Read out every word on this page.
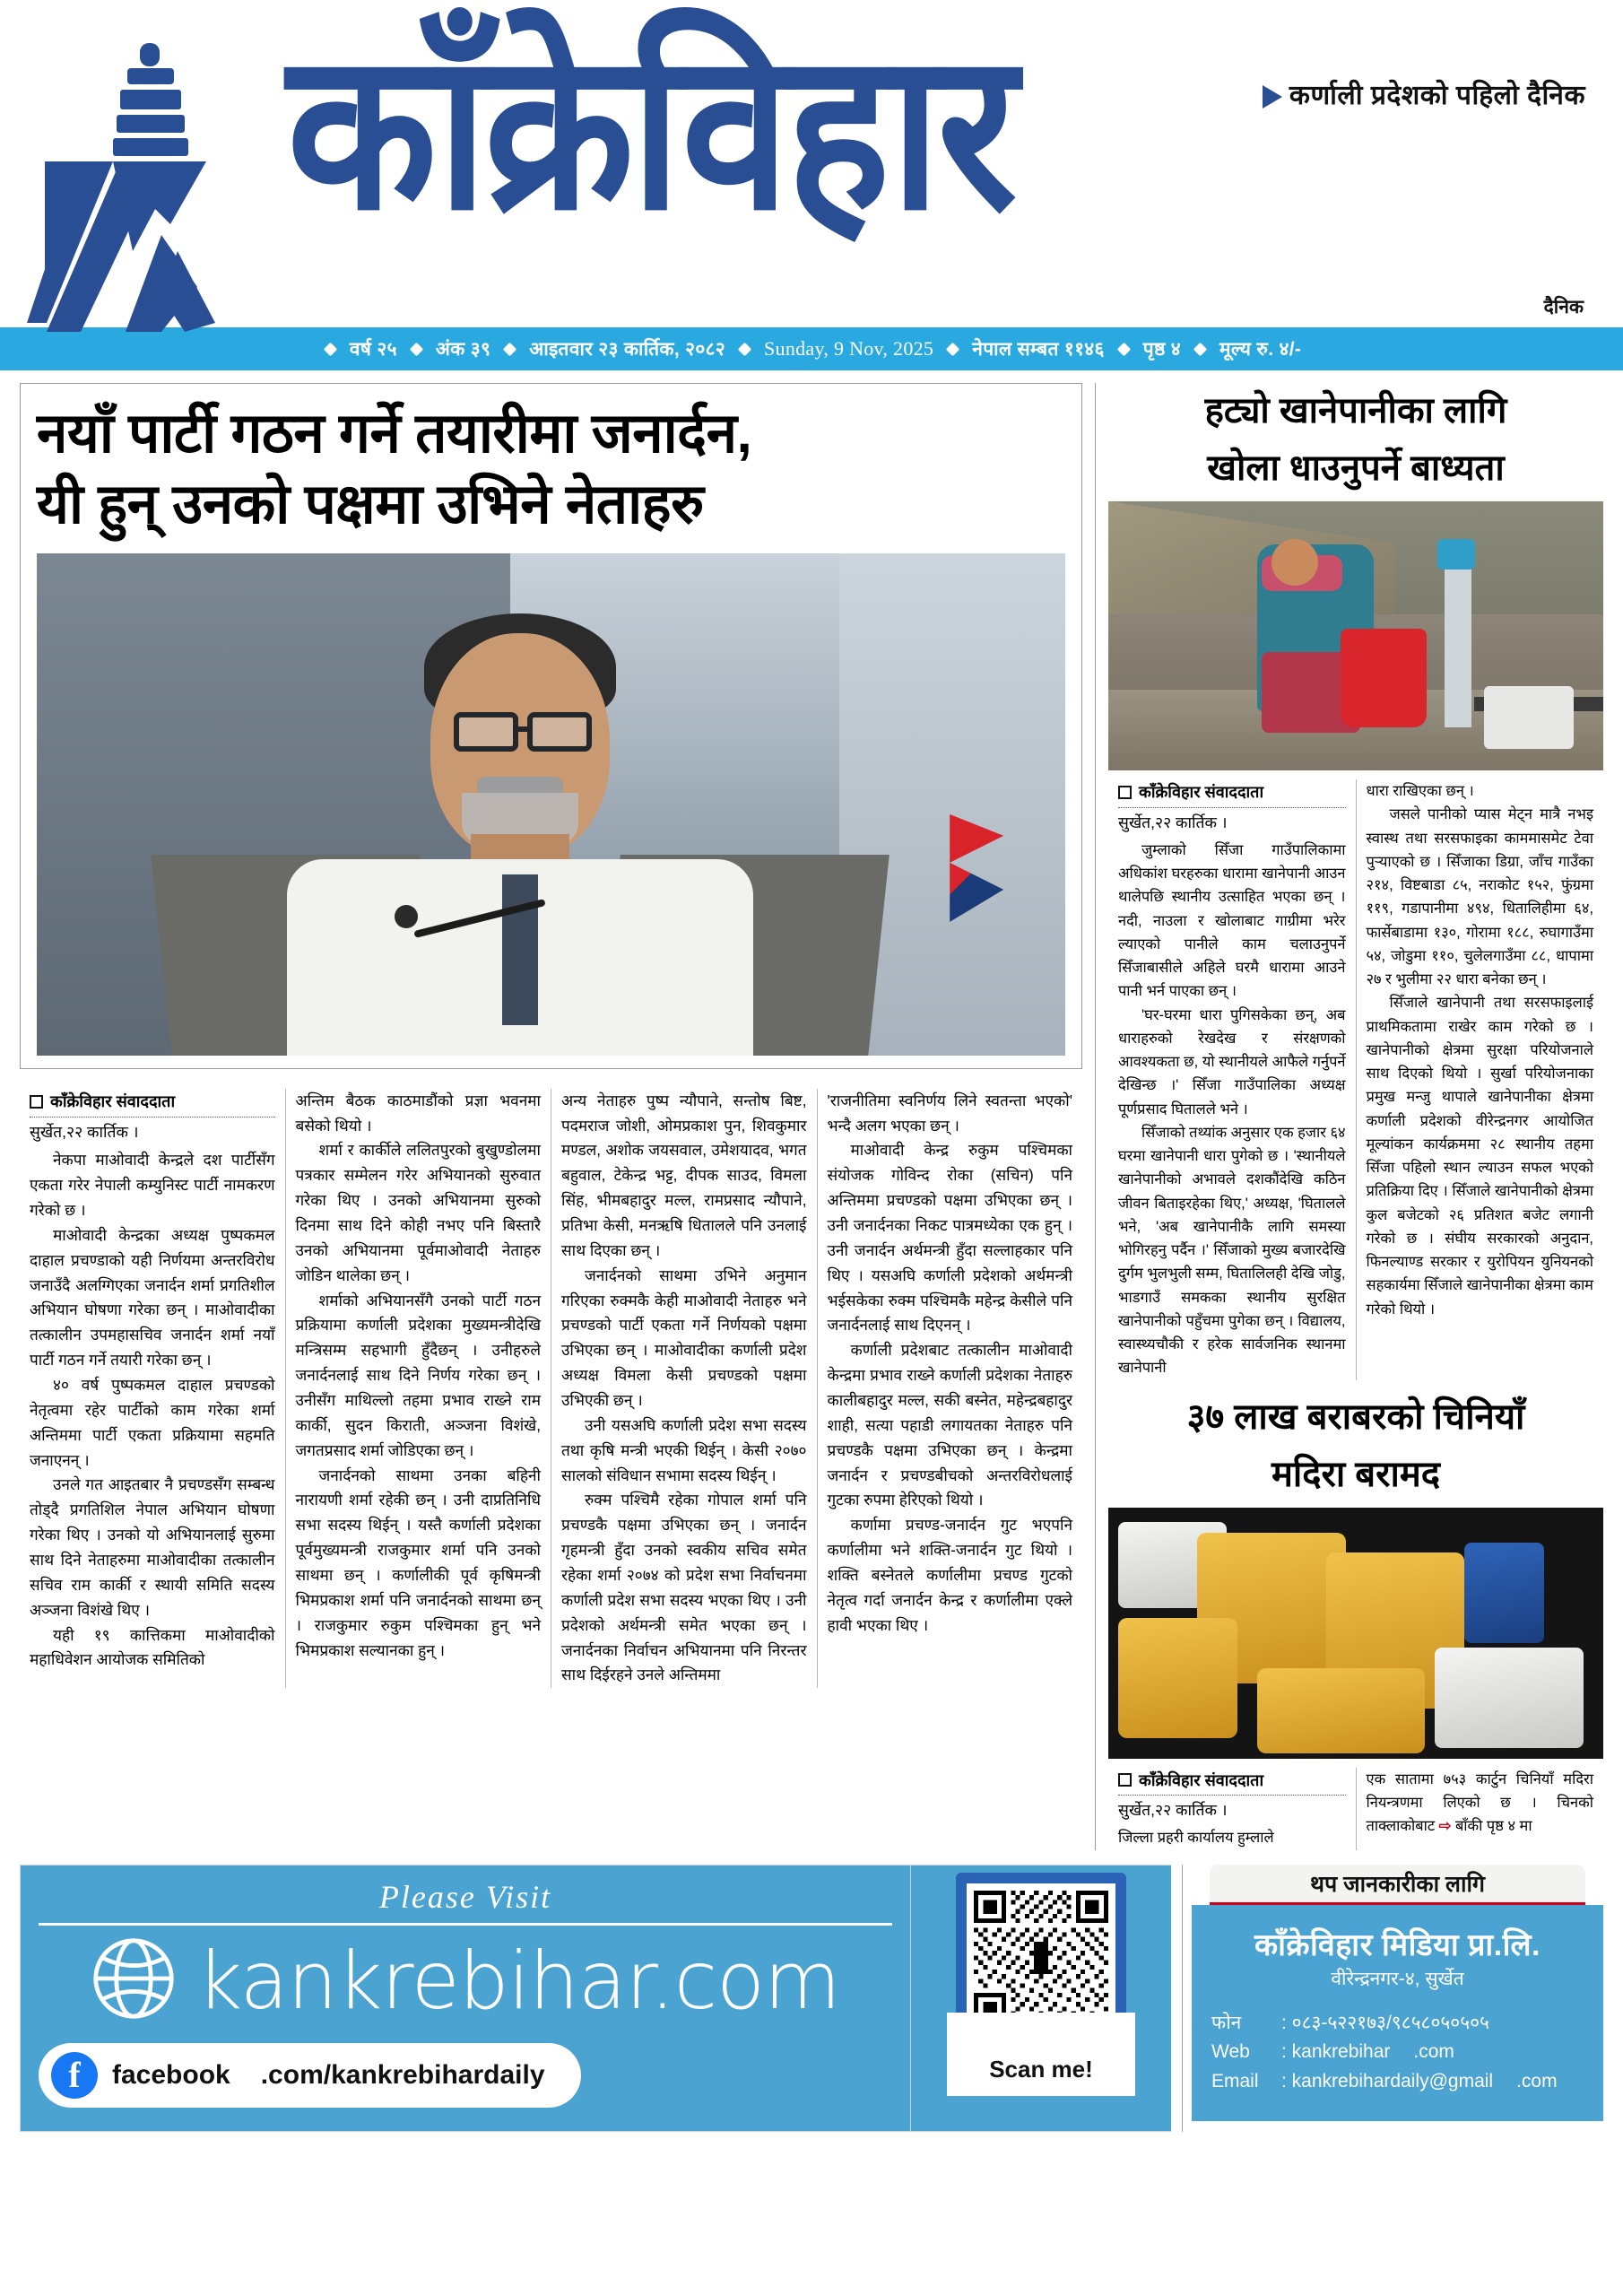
काँक्रेविहार	कर्णाली प्रदेशको पहिलो दैनिक
दैनिक
वर्ष २५ अंक ३९ आइतवार २३ कार्तिक, २०८२ Sunday, 9 Nov, 2025 नेपाल सम्बत ११४६ पृष्ठ ४ मूल्य रु. ४/-
नयाँ पार्टी गठन गर्ने तयारीमा जनार्दन,
यी हुन् उनको पक्षमा उभिने नेताहरु
काँक्रेविहार संवाददाता
सुर्खेत,२२ कार्तिक ।

नेकपा माओवादी केन्द्रले दश पार्टीसँग एकता गरेर नेपाली कम्युनिस्ट पार्टी नामकरण गरेको छ ।

माओवादी केन्द्रका अध्यक्ष पुष्पकमल दाहाल प्रचण्डाको यही निर्णयमा अन्तरविरोध जनाउँदै अलग्गिएका जनार्दन शर्मा प्रगतिशील अभियान घोषणा गरेका छन् । माओवादीका तत्कालीन उपमहासचिव जनार्दन शर्मा नयाँ पार्टी गठन गर्ने तयारी गरेका छन् ।

४० वर्ष पुष्पकमल दाहाल प्रचण्डको नेतृत्वमा रहेर पार्टीको काम गरेका शर्मा अन्तिममा पार्टी एकता प्रक्रियामा सहमति जनाएनन् ।

उनले गत आइतबार नै प्रचण्डसँग सम्बन्ध तोड्दै प्रगतिशिल नेपाल अभियान घोषणा गरेका थिए । उनको यो अभियानलाई सुरुमा साथ दिने नेताहरुमा माओवादीका तत्कालीन सचिव राम कार्की र स्थायी समिति सदस्य अञ्जना विशंखे थिए ।

यही १९ कात्तिकमा माओवादीको महाधिवेशन आयोजक समितिको

अन्तिम बैठक काठमाडौंको प्रज्ञा भवनमा बसेको थियो ।

शर्मा र कार्कीले ललितपुरको बुखुण्डोलमा पत्रकार सम्मेलन गरेर अभियानको सुरुवात गरेका थिए । उनको अभियानमा सुरुको दिनमा साथ दिने कोही नभए पनि बिस्तारै उनको अभियानमा पूर्वमाओवादी नेताहरु जोडिन थालेका छन् ।

शर्माको अभियानसँगै उनको पार्टी गठन प्रक्रियामा कर्णाली प्रदेशका मुख्यमन्त्रीदेखि मन्त्रिसम्म सहभागी हुँदैछन् । उनीहरुले जनार्दनलाई साथ दिने निर्णय गरेका छन् । उनीसँग माथिल्लो तहमा प्रभाव राख्ने राम कार्की, सुदन किरातीे, अञ्जना विशंखे, जगतप्रसाद शर्मा जोडिएका छन् ।

जनार्दनको साथमा उनका बहिनी नारायणी शर्मा रहेकी छन् । उनी दाप्रतिनिधि सभा सदस्य थिईन् । यस्तै कर्णाली प्रदेशका पूर्वमुख्यमन्त्री राजकुमार शर्मा पनि उनको साथमा छन् । कर्णालीकी पूर्व कृषिमन्त्री भिमप्रकाश शर्मा पनि जनार्दनको साथमा छन् । राजकुमार रुकुम पश्चिमका हुन् भने भिमप्रकाश सल्यानका हुन् ।

अन्य नेताहरु पुष्प न्यौपाने, सन्तोष बिष्ट, पदमराज जोशी, ओमप्रकाश पुन, शिवकुमार मण्डल, अशोक जयसवाल, उमेशयादव, भगत बहुवाल, टेकेन्द्र भट्ट, दीपक साउद, विमला सिंह, भीमबहादुर मल्ल, रामप्रसाद न्यौपाने, प्रतिभा केसी, मनऋषि धितालले पनि उनलाई साथ दिएका छन् ।

जनार्दनको साथमा उभिने अनुमान गरिएका रुक्मकै केही माओवादी नेताहरु भने प्रचण्डको पार्टी एकता गर्ने निर्णयको पक्षमा उभिएका छन् । माओवादीका कर्णाली प्रदेश अध्यक्ष विमला केसी प्रचण्डको पक्षमा उभिएकी छन् ।

उनी यसअघि कर्णाली प्रदेश सभा सदस्य तथा कृषि मन्त्री भएकी थिईन् । केसी २०७० सालको संविधान सभामा सदस्य थिईन् ।

रुक्म पश्चिमै रहेका गोपाल शर्मा पनि प्रचण्डकै पक्षमा उभिएका छन् । जनार्दन गृहमन्त्री हुँदा उनको स्वकीय सचिव समेत रहेका शर्मा २०७४ को प्रदेश सभा निर्वाचनमा कर्णाली प्रदेश सभा सदस्य भएका थिए । उनी प्रदेशको अर्थमन्त्री समेत भएका छन् । जनार्दनका निर्वाचन अभियानमा पनि निरन्तर साथ दिईरहने उनले अन्तिममा

'राजनीतिमा स्वनिर्णय लिने स्वतन्ता भएको' भन्दै अलग भएका छन् ।

माओवादी केन्द्र रुकुम पश्चिमका संयोजक गोविन्द रोका (सचिन) पनि अन्तिममा प्रचण्डको पक्षमा उभिएका छन् । उनी जनार्दनका निकट पात्रमध्येका एक हुन् । उनी जनार्दन अर्थमन्त्री हुँदा सल्लाहकार पनि थिए । यसअघि कर्णाली प्रदेशको अर्थमन्त्री भईसकेका रुक्म पश्चिमकै महेन्द्र केसीले पनि जनार्दनलाई साथ दिएनन् ।

कर्णाली प्रदेशबाट तत्कालीन माओवादी केन्द्रमा प्रभाव राख्ने कर्णाली प्रदेशका नेताहरु कालीबहादुर मल्ल, सकी बस्नेत, महेन्द्रबहादुर शाही, सत्या पहाडी लगायतका नेताहरु पनि प्रचण्डकै पक्षमा उभिएका छन् । केन्द्रमा जनार्दन र प्रचण्डबीचको अन्तरविरोधलाई गुटका रुपमा हेरिएको थियो ।

कर्णामा प्रचण्ड-जनार्दन गुट भएपनि कर्णालीमा भने शक्ति-जनार्दन गुट थियो । शक्ति बस्नेतले कर्णालीमा प्रचण्ड गुटको नेतृत्व गर्दा जनार्दन केन्द्र र कर्णालीमा एक्ले हावी भएका थिए ।

हट्यो खानेपानीका लागि
खोला धाउनुपर्ने बाध्यता
काँक्रेविहार संवाददाता
सुर्खेत,२२ कार्तिक ।

जुम्लाको सिँजा गाउँपालिकामा अधिकांश घरहरुका धारामा खानेपानी आउन थालेपछि स्थानीय उत्साहित भएका छन् । नदी, नाउला र खोलाबाट गाग्रीमा भरेर ल्याएको पानीले काम चलाउनुपर्ने सिँजाबासीले अहिले घरमै धारामा आउने पानी भर्न पाएका छन् ।

'घर-घरमा धारा पुगिसकेका छन्, अब धाराहरुको रेखदेख र संरक्षणको आवश्यकता छ, यो स्थानीयले आफैले गर्नुपर्ने देखिन्छ ।' सिँजा गाउँपालिका अध्यक्ष पूर्णप्रसाद घितालले भने ।

सिँजाको तथ्यांक अनुसार एक हजार ६४ घरमा खानेपानी धारा पुगेको छ । 'स्थानीयले खानेपानीको अभावले दशकौंदेखि कठिन जीवन बिताइरहेका थिए,' अध्यक्ष, 'घितालले भने, 'अब खानेपानीकै लागि समस्या भोगिरहनु पर्दैन ।' सिँजाको मुख्य बजारदेखि दुर्गम भुलभुली सम्म, घितालिलही देखि जोडु, भाडगाउँ समकका स्थानीय सुरक्षित खानेपानीको पहुँचमा पुगेका छन् । विद्यालय, स्वास्थ्यचौकी र हरेक सार्वजनिक स्थानमा खानेपानी

धारा राखिएका छन् ।

जसले पानीको प्यास मेट्न मात्रै नभइ स्वास्थ तथा सरसफाइका काममासमेट टेवा पुर्‍याएको छ । सिँजाका डिग्रा, जाँच गाउँका २१४, विष्टबाडा ८५, नराकोट १५२, फुंग्रमा ११९, गडापानीमा ४९४, धितालिहीमा ६४, फार्सेबाडामा १३०, गोरामा १८८, रुघागाउँमा ५४, जोडुमा ११०, चुलेलगाउँमा ८८, धापामा २७ र भुलीमा २२ धारा बनेका छन् ।

सिँजाले खानेपानी तथा सरसफाइलाई प्राथमिकतामा राखेर काम गरेको छ । खानेपानीको क्षेत्रमा सुरक्षा परियोजनाले साथ दिएको थियो । सुर्खा परियोजनाका प्रमुख मन्जु थापाले खानेपानीका क्षेत्रमा कर्णाली प्रदेशको वीरेन्द्रनगर आयोजित मूल्यांकन कार्यक्रममा २८ स्थानीय तहमा सिँजा पहिलो स्थान ल्याउन सफल भएको प्रतिक्रिया दिए । सिँजाले खानेपानीको क्षेत्रमा कुल बजेटको २६ प्रतिशत बजेट लगानी गरेको छ । संघीय सरकारको अनुदान, फिनल्याण्ड सरकार र युरोपियन युनियनको सहकार्यमा सिँजाले खानेपानीका क्षेत्रमा काम गरेको थियो ।

३७ लाख बराबरको चिनियाँ
मदिरा बरामद
काँक्रेविहार संवाददाता
सुर्खेत,२२ कार्तिक ।

जिल्ला प्रहरी कार्यालय हुम्लाले

एक सातामा ७५३ कार्टुन चिनियाँ मदिरा नियन्त्रणमा लिएको छ । चिनको ताक्लाकोबाट ⇨ बाँकी पृष्ठ ४ मा

Please Visit
kankrebihar.com
f
facebook .com/kankrebihardaily	Scan me!
थप जानकारीका लागि
काँक्रेविहार मिडिया प्रा.लि.
वीरेन्द्रनगर-४, सुर्खेत
फोन	: ०८३-५२२१७३/९८५८०५०५०५
Web	: kankrebihar .com
Email	: kankrebihardaily@gmail .com
